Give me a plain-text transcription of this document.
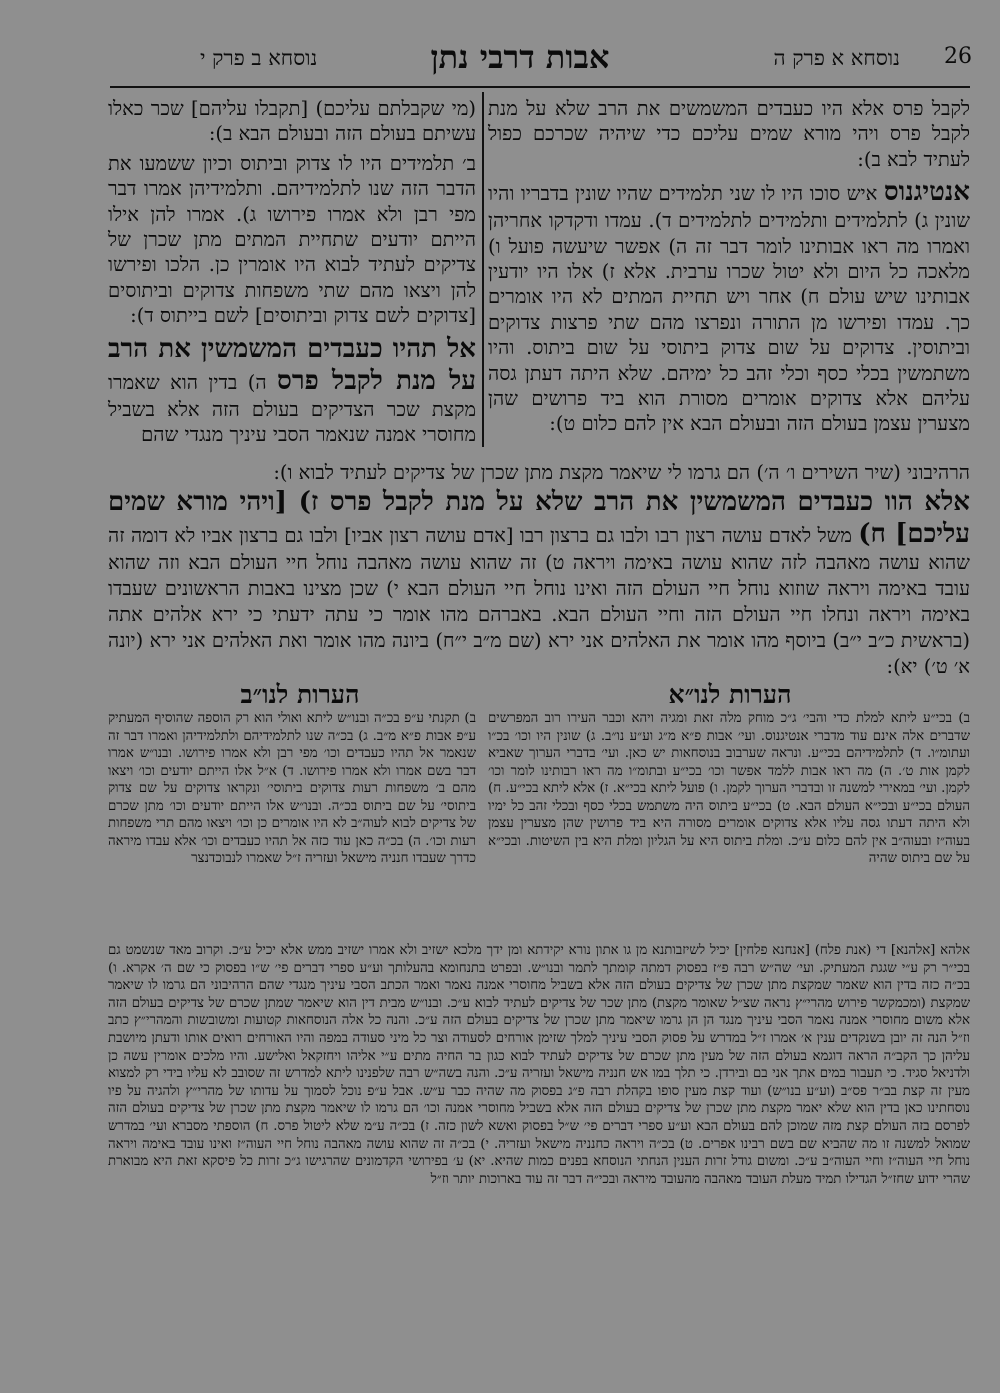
26
נוסחא א פרק ה
אבות דרבי נתן
נוסחא ב פרק י

לקבל פרס אלא היו כעבדים המשמשים את הרב שלא על מנת לקבל פרס ויהי מורא שמים עליכם כדי שיהיה שכרכם כפול לעתיד לבא ב):

אנטיגנוס איש סוכו היו לו שני תלמידים שהיו שונין בדבריו והיו שונין ג) לתלמידים ותלמידים לתלמידים ד). עמדו ודקדקו אחריהן ואמרו מה ראו אבותינו לומר דבר זה ה) אפשר שיעשה פועל ו) מלאכה כל היום ולא יטול שכרו ערבית. אלא ז) אלו היו יודעין אבותינו שיש עולם ח) אחר ויש תחיית המתים לא היו אומרים כך. עמדו ופירשו מן התורה ונפרצו מהם שתי פרצות צדוקים וביתוסין. צדוקים על שום צדוק ביתוסי על שום ביתוס. והיו משתמשין בכלי כסף וכלי זהב כל ימיהם. שלא היתה דעתן גסה עליהם אלא צדוקים אומרים מסורת הוא ביד פרושים שהן מצערין עצמן בעולם הזה ובעולם הבא אין להם כלום ט):

(מי שקבלתם עליכם) [תקבלו עליהם] שכר כאלו עשיתם בעולם הזה ובעולם הבא ב):

ב׳ תלמידים היו לו צדוק וביתוס וכיון ששמעו את הדבר הזה שנו לתלמידיהם. ותלמידיהן אמרו דבר מפי רבן ולא אמרו פירושו ג). אמרו להן אילו הייתם יודעים שתחיית המתים מתן שכרן של צדיקים לעתיד לבוא היו אומרין כן. הלכו ופירשו להן ויצאו מהם שתי משפחות צדוקים וביתוסים [צדוקים לשם צדוק וביתוסים] לשם בייתוס ד):

אל תהיו כעבדים המשמשין את הרב על מנת לקבל פרס ה) בדין הוא שאמרו מקצת שכר הצדיקים בעולם הזה אלא בשביל מחוסרי אמנה שנאמר הסבי עיניך מנגדי שהם

הרהיבוני (שיר השירים ו׳ ה׳) הם גרמו לי שיאמר מקצת מתן שכרן של צדיקים לעתיד לבוא ו):
אלא הוו כעבדים המשמשין את הרב שלא על מנת לקבל פרס ז) [ויהי מורא שמים עליכם] ח) משל לאדם עושה רצון רבו ולבו גם ברצון רבו [אדם עושה רצון אביו] ולבו גם ברצון אביו לא דומה זה שהוא עושה מאהבה לזה שהוא עושה באימה ויראה ט) זה שהוא עושה מאהבה נוחל חיי העולם הבא וזה שהוא עובד באימה ויראה שוזוא נוחל חיי העולם הזה ואינו נוחל חיי העולם הבא י) שכן מצינו באבות הראשונים שעבדו באימה ויראה ונחלו חיי העולם הזה וחיי העולם הבא. באברהם מהו אומר כי עתה ידעתי כי ירא אלהים אתה (בראשית כ״ב י״ב) ביוסף מהו אומר את האלהים אני ירא (שם מ״ב י״ח) ביונה מהו אומר ואת האלהים אני ירא (יונה א׳ ט׳) יא):
הערות לנו״א
הערות לנו״ב
ב) בכי״ע ליתא למלת כדי והבי׳ ג״כ מוחק מלה זאת ומגיה ויהא וכבר העירו רוב המפרשים שדברים אלה אינם עוד מדברי אנטיגנוס. ועי׳ אבות פ״א מ״ג וע״ע נו״ב. ג) שונין היו וכו׳ בכ״ו ועתומ״ו. ד) לתלמידיהם בכי״ע. ונראה שערבוב בנוסחאות יש כאן. ועי׳ בדברי הערוך שאביא לקמן אות ט׳. ה) מה ראו אבות ללמד אפשר וכו׳ בכי״ע ובתומ״ו מה ראו רבותינו לומר וכו׳ לקמן. ועי׳ במאירי למשנה זו ובדברי הערוך לקמן. ו) פועל ליתא בכי״א. ז) אלא ליתא בכי״ע. ח) העולם בכי״ע ובכי״א העולם הבא. ט) בכי״ע ביתוס היה משתמש בכלי כסף ובכלי זהב כל ימיו ולא היתה דעתו גסה עליו אלא צדוקים אומרים מסורה היא ביד פרושין שהן מצערין עצמן בעוה״ז ובעוה״ב אין להם כלום ע״כ. ומלת ביתוס היא על הגליון ומלת היא בין השיטות. ובכי״א על שם ביתוס שהיה
ב) תקנתי ע״פ בכ״ה ובנו״ש ליתא ואולי הוא רק הוספה שהוסיף המעתיק ע״פ אבות פ״א מ״ב. ג) בכ״ה שנו לתלמידיהם ולתלמידיהן ואמרו דבר זה שנאמר אל תהיו כעבדים וכו׳ מפי רבן ולא אמרו פירושו. ובנו״ש אמרו דבר בשם אמרו ולא אמרו פירושו. ד) א״ל אלו הייתם יודעים וכו׳ ויצאו מהם ב׳ משפחות רעות צדוקים ביתוסי׳ ונקראו צדוקים על שם צדוק ביתוסי׳ על שם ביתוס בכ״ה. ובנו״ש אלו הייתם יודעים וכו׳ מתן שכרם של צדיקים לבוא לעוה״ב לא היו אומרים כן וכו׳ ויצאו מהם תרי משפחות רעות וכו׳. ה) בכ״ה כאן עוד כזה אל תהיו כעבדים וכו׳ אלא עבדו מיראה כדרך שעבדו חנניה מישאל ועזריה ז״ל שאמרו לנבוכדנצר
אלהא [אלהנא] די (אנת פלח) [אנחנא פלחין] יכיל לשיזבותנא מן גו אתון נורא יקידתא ומן ידך מלכא ישזיב ולא אמרו ישזיב ממש אלא יכיל ע״כ. וקרוב מאד שנשמט גם בכי״ר רק ע״י שגגת המעתיק. ועי׳ שה״ש רבה פ״ז בפסוק דמתה קומתך לתמר ובנו״ש. ובפרט בתנחומא בהעלותך וע״ע ספרי דברים פי׳ ש״ו בפסוק כי שם ה׳ אקרא. ו) בכ״ה כזה בדין הוא שאמר שמקצת מתן שכרן של צדיקים בעולם הזה אלא בשביל מחוסרי אמנה נאמר ואמר הכתב הסבי עיניך מנגדי שהם הרהיבוני הם גרמו לו שיאמר שמקצת (ומכמקשר פירוש מהרי״ץ נראה שצ״ל שאומר מקצת) מתן שכר של צדיקים לעתיד לבוא ע״כ. ובנו״ש מבית דין הוא שיאמר שמתן שכרם של צדיקים בעולם הזה אלא משום מחוסרי אמנה נאמר הסבי עיניך מנגד הן הן גרמו שיאמר מתן שכרן של צדיקים בעולם הזה ע״כ. והנה כל אלה הנוסחאות קטועות ומשובשות והמהרי״ץ כתב וז״ל הנה זה יובן בשנקדים ענין א׳ אמרו ז״ל במדרש על פסוק הסבי עיניך למלך שזימן אורחים לסעודה וצר כל מיני סעודה במפה והיו האורחים רואים אותו ודעתן מיושבת עליהן כך הקב״ה הראה דוגמא בעולם הזה של מעין מתן שכרם של צדיקים לעתיד לבוא כגון בר החיה מתים ע״י אליהו ויחזקאל ואלישע. והיו מלכים אומרין עשה כן ולדניאל סגיד. כי תעבור במים אתך אני בם ובירדן. כי תלך במו אש חנניה מישאל ועזריה ע״כ. והנה בשה״ש רבה שלפנינו ליתא למדרש זה שסובב לא עליו בידי רק למצוא מעין זה קצת בב״ר פס״ב (וע״ע בנו״ש) ועוד קצת מעין סופו בקהלת רבה פ״ג בפסוק מה שהיה כבר ע״ש. אבל ע״פ נוכל לסמוך על עדותו של מהרי״ץ ולהגיה על פיו נוסחתינו כאן בדין הוא שלא יאמר מקצת מתן שכרן של צדיקים בעולם הזה אלא בשביל מחוסרי אמנה וכו׳ הם גרמו לו שיאמר מקצת מתן שכרן של צדיקים בעולם הזה לפרסם בזה העולם קצת מזה שמוכן להם בעולם הבא וע״ע ספרי דברים פי׳ ש״ל בפסוק ואשא לשון כזה. ז) בכ״ה ע״מ שלא ליטול פרס. ח) הוספתי מסברא ועי׳ במדרש שמואל למשנה זו מה שהביא שם בשם רבינו אפרים. ט) בכ״ה ויראה כחנניה מישאל ועזריה. י) בכ״ה זה שהוא עושה מאהבה נוחל חיי העוה״ז ואינו עובד באימה ויראה נוחל חיי העוה״ז וחיי העוה״ב ע״כ. ומשום גודל זרות הענין הנחתי הנוסחא בפנים כמות שהיא. יא) ע׳ בפירושי הקדמונים שהרגישו ג״כ זרות כל פיסקא זאת היא מבוארת שהרי ידוע שחז״ל הגדילו תמיד מעלת העובד מאהבה מהעובד מיראה ובכי״ה דבר זה עוד בארוכות יותר וז״ל
